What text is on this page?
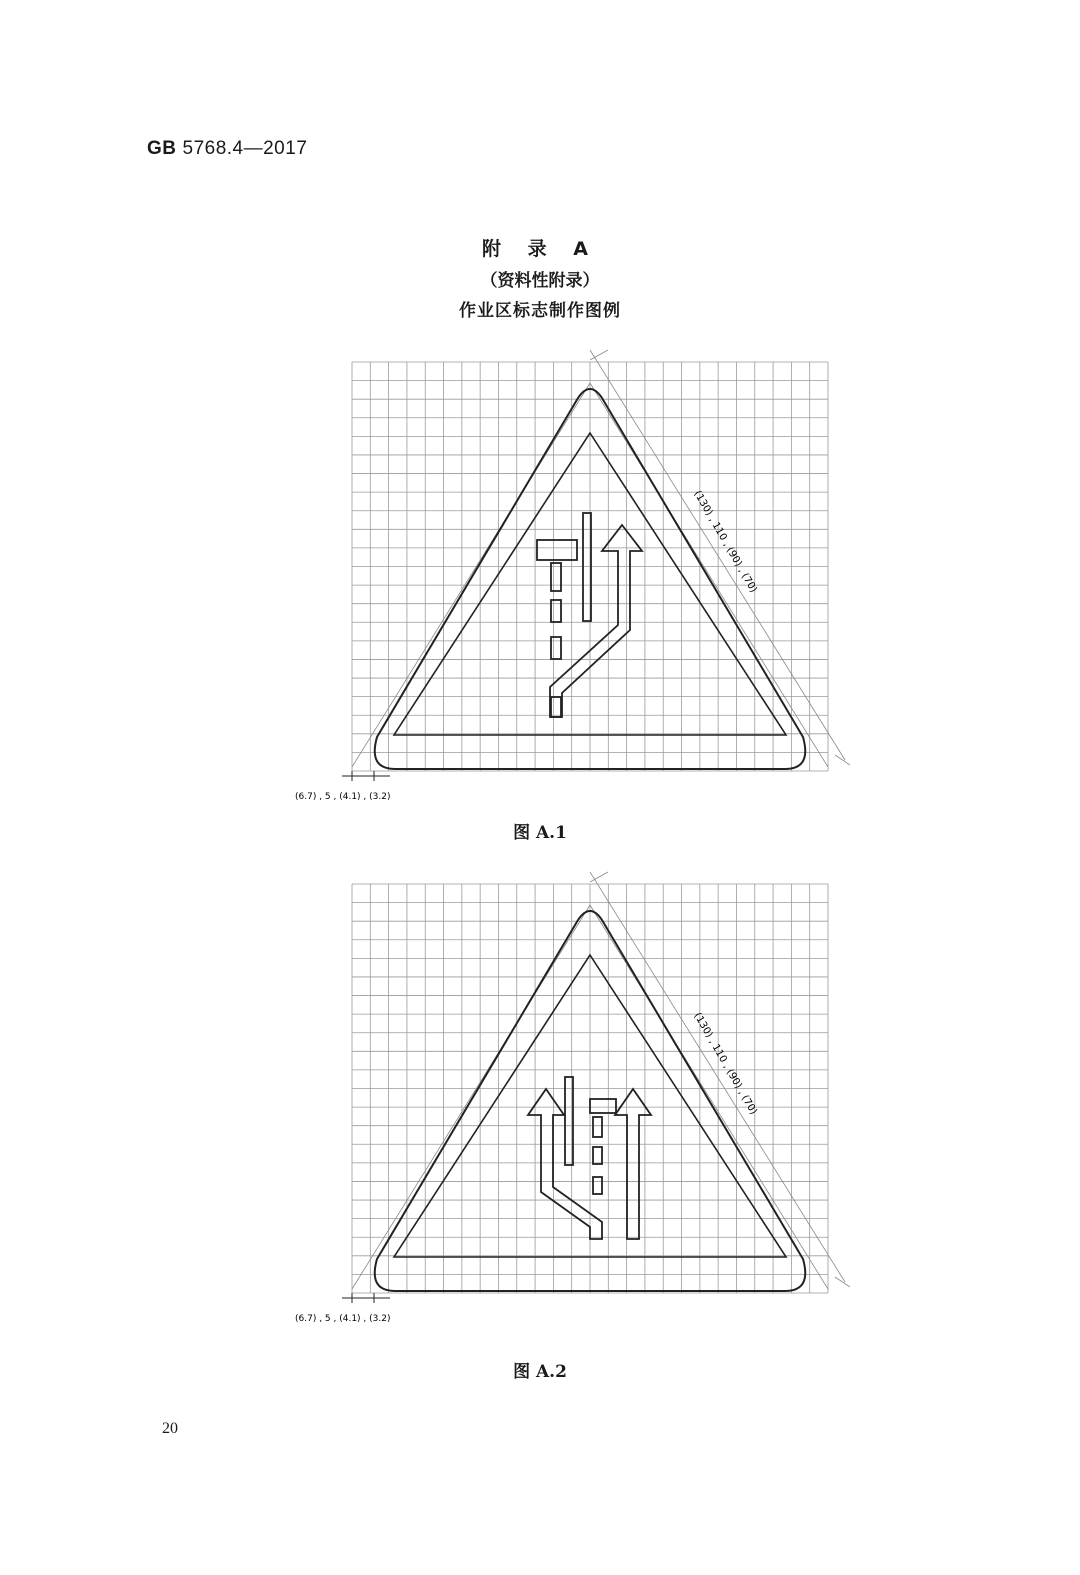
GB 5768.4—2017
附 录 A
（资料性附录）
作业区标志制作图例
(130) , 110 , (90) , (70)
(6.7) , 5 , (4.1) , (3.2)
图 A.1
(130) , 110 , (90) , (70)
(6.7) , 5 , (4.1) , (3.2)
图 A.2
20
